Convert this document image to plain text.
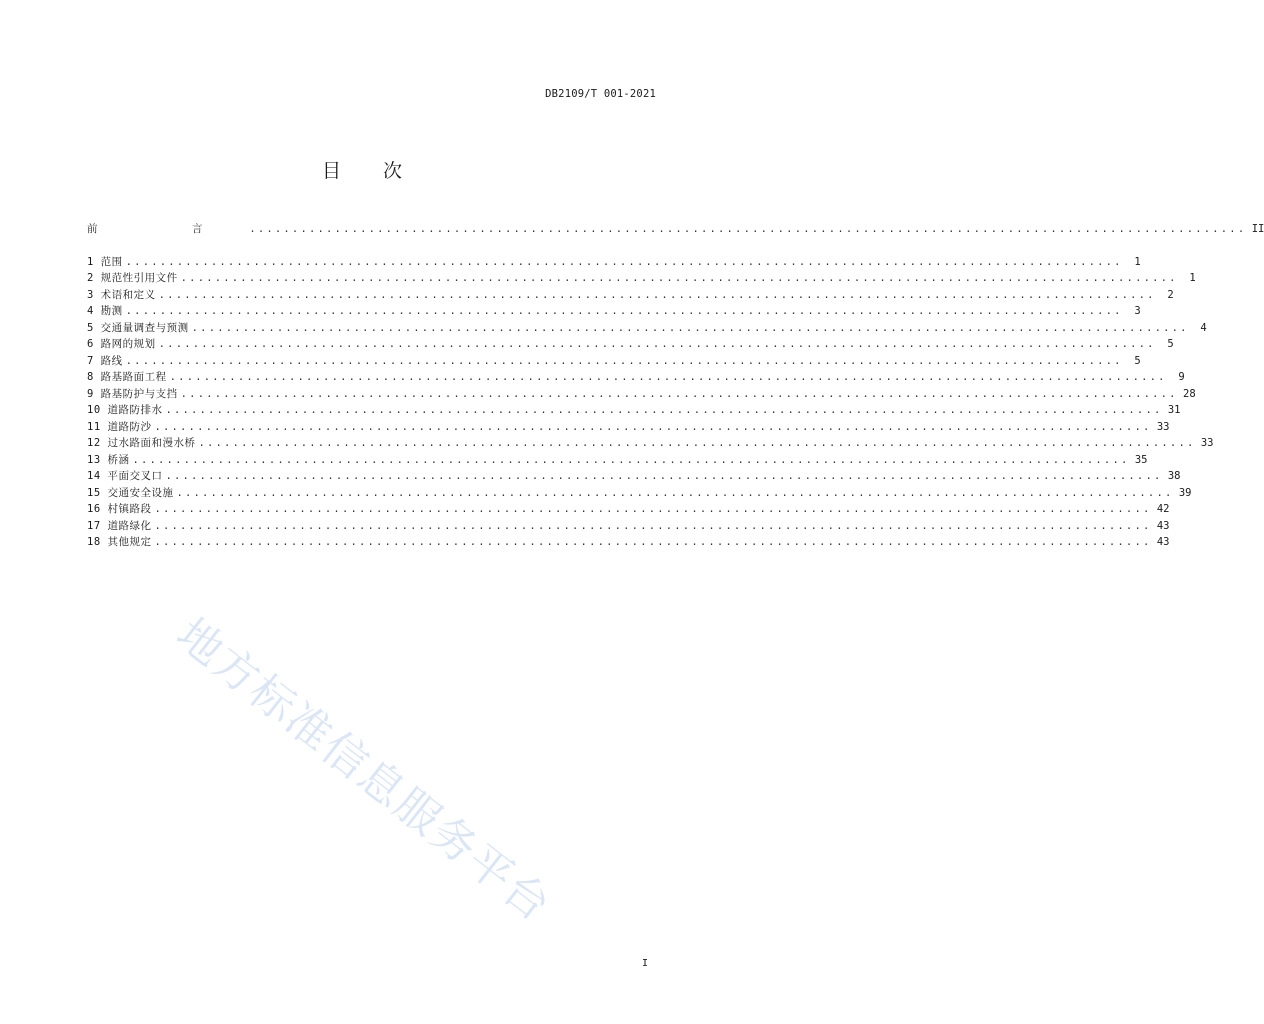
DB2109/T 001-2021
目 次
前 言 ..................................................................................................................... II
1 范围 .....................................................................................................................	1
2 规范性引用文件 .....................................................................................................................	1
3 术语和定义 .....................................................................................................................	2
4 勘测 .....................................................................................................................	3
5 交通量调查与预测 .....................................................................................................................	4
6 路网的规划 .....................................................................................................................	5
7 路线 .....................................................................................................................	5
8 路基路面工程 .....................................................................................................................	9
9 路基防护与支挡 ..................................................................................................................... 28
10 道路防排水 ..................................................................................................................... 31
11 道路防沙 ..................................................................................................................... 33
12 过水路面和漫水桥 ..................................................................................................................... 33
13 桥涵 ..................................................................................................................... 35
14 平面交叉口 ..................................................................................................................... 38
15 交通安全设施 ..................................................................................................................... 39
16 村镇路段 ..................................................................................................................... 42
17 道路绿化 ..................................................................................................................... 43
18 其他规定 ..................................................................................................................... 43
地方标准信息服务平台
I
